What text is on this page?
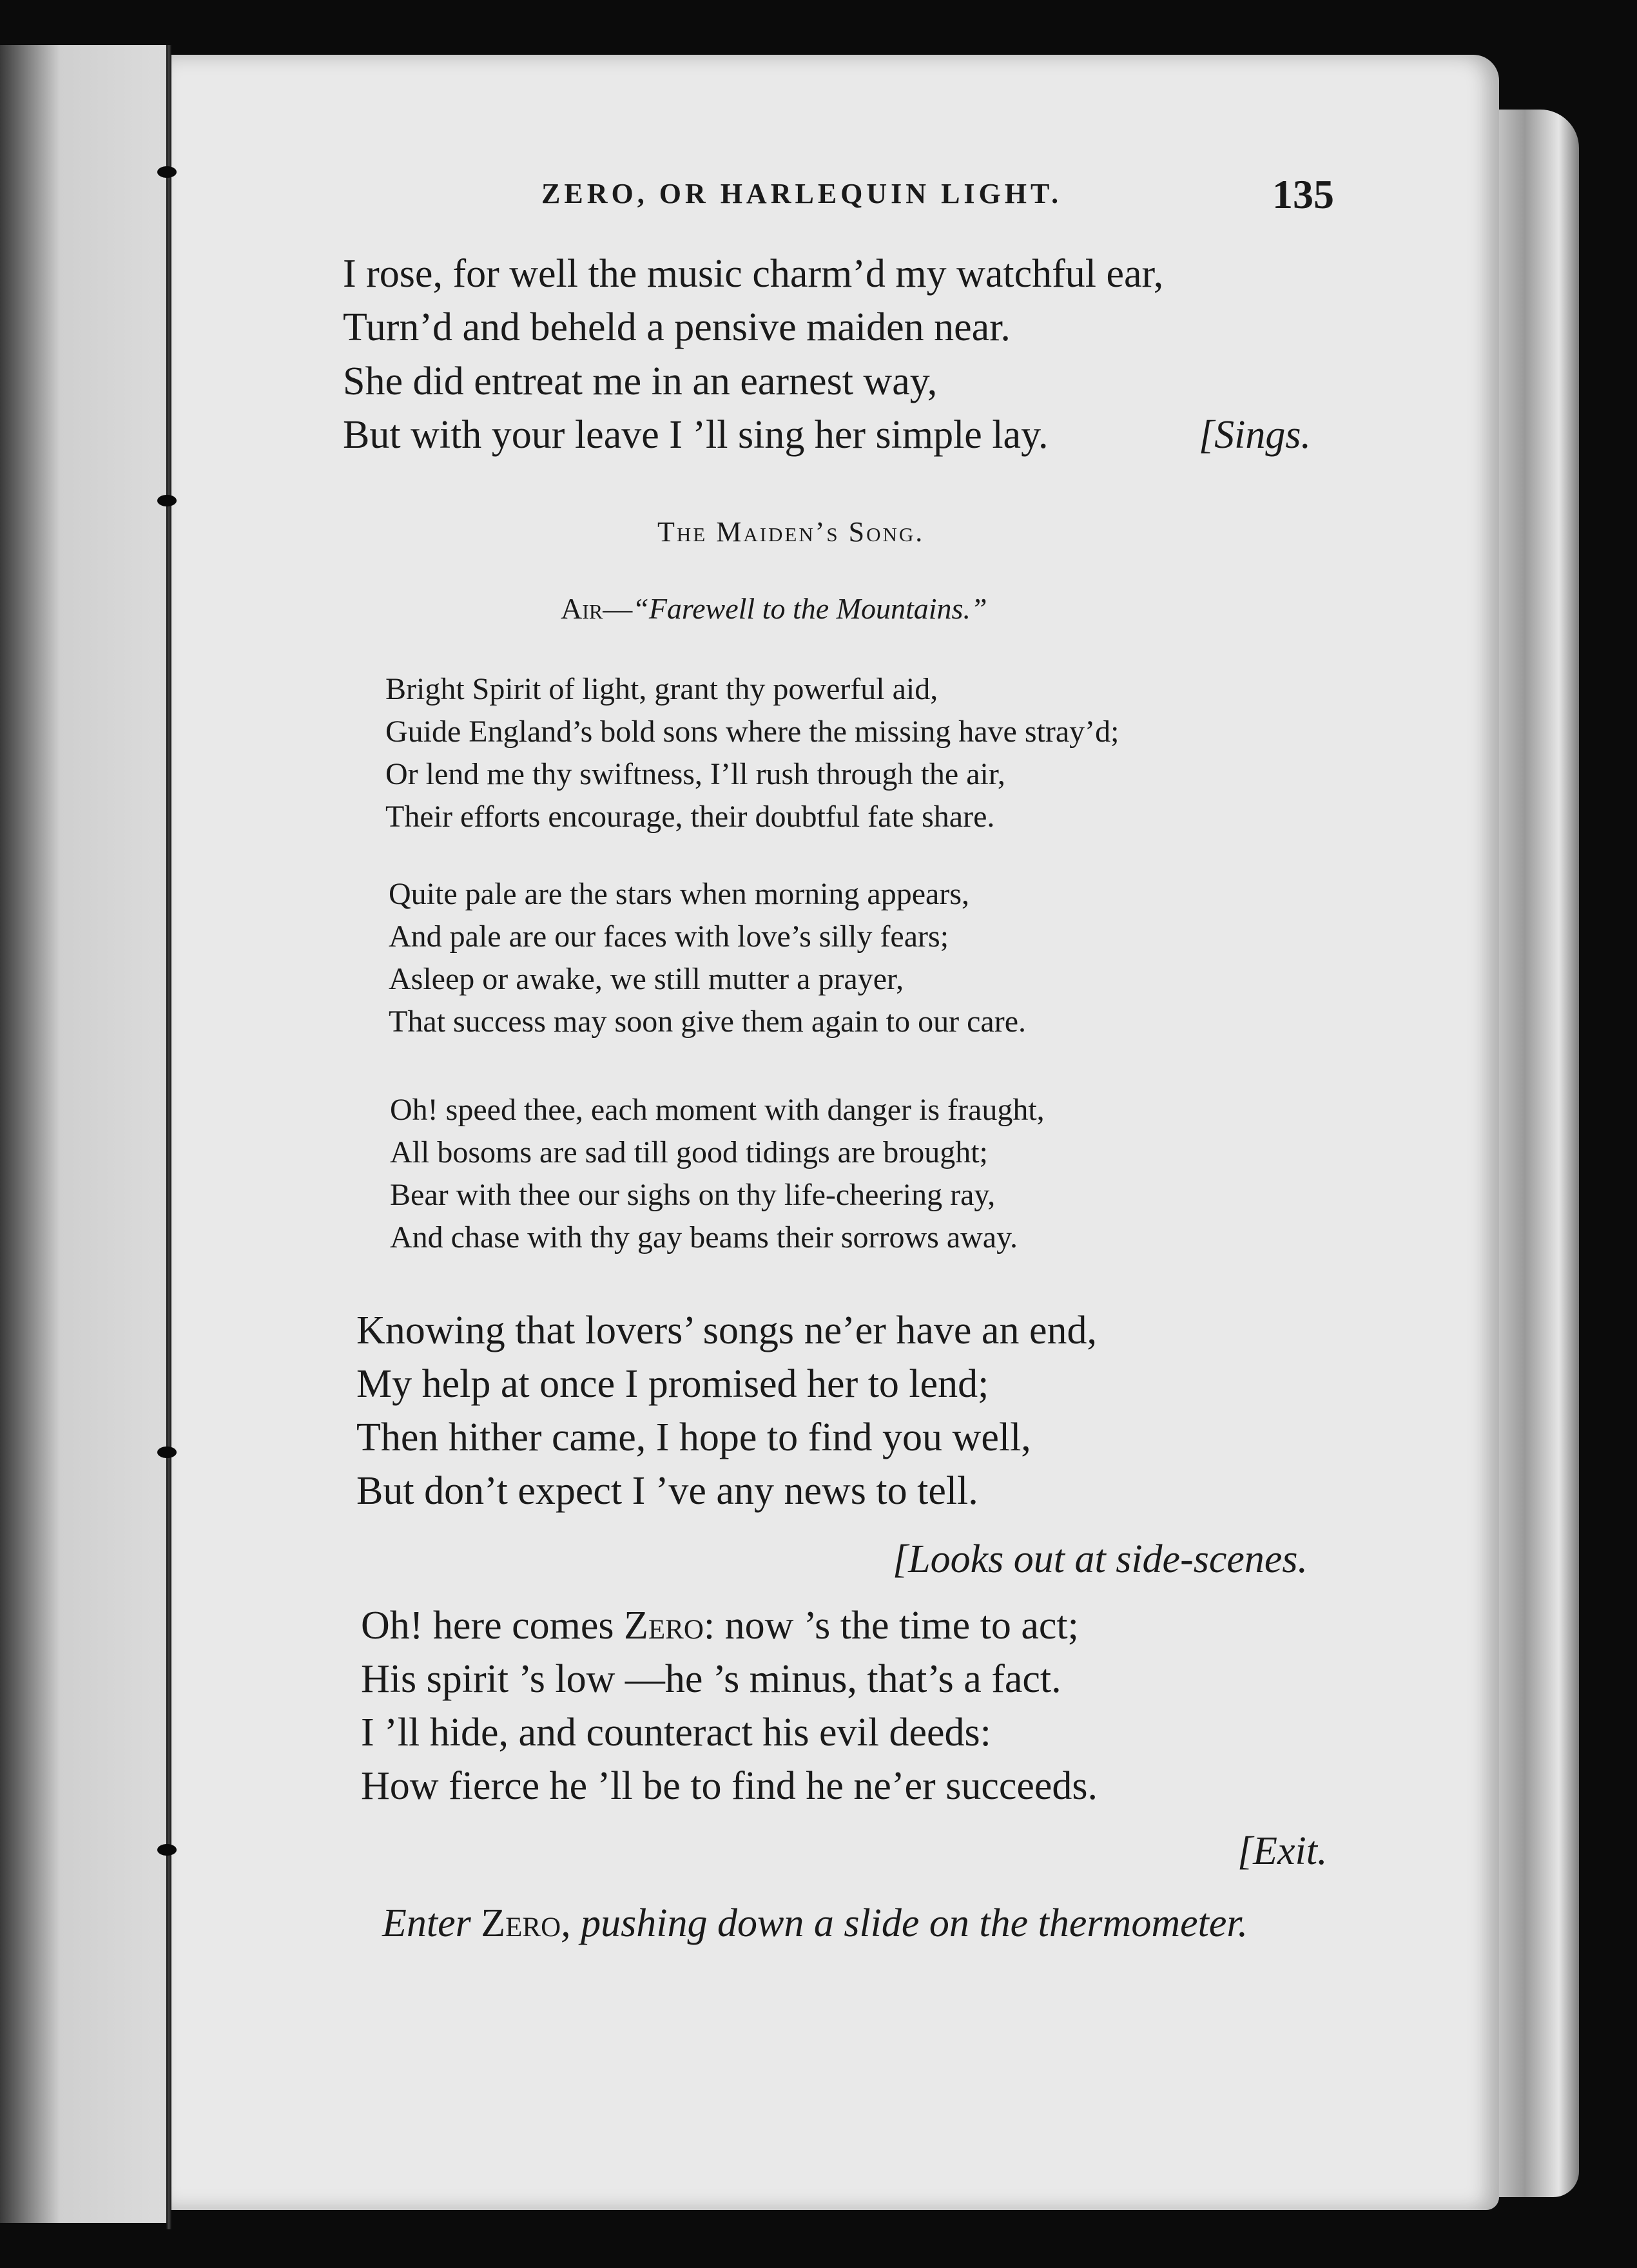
ZERO, OR HARLEQUIN LIGHT.	135
I rose, for well the music charm’d my watchful ear,
Turn’d and beheld a pensive maiden near.
She did entreat me in an earnest way,
But with your leave I ’ll sing her simple lay.	[Sings.
The Maiden’s Song.
Air—“Farewell to the Mountains.”
Bright Spirit of light, grant thy powerful aid,
Guide England’s bold sons where the missing have stray’d;
Or lend me thy swiftness, I’ll rush through the air,
Their efforts encourage, their doubtful fate share.
Quite pale are the stars when morning appears,
And pale are our faces with love’s silly fears;
Asleep or awake, we still mutter a prayer,
That success may soon give them again to our care.
Oh! speed thee, each moment with danger is fraught,
All bosoms are sad till good tidings are brought;
Bear with thee our sighs on thy life-cheering ray,
And chase with thy gay beams their sorrows away.
Knowing that lovers’ songs ne’er have an end,
My help at once I promised her to lend;
Then hither came, I hope to find you well,
But don’t expect I ’ve any news to tell.
[Looks out at side-scenes.
Oh! here comes Zero: now ’s the time to act;
His spirit ’s low —he ’s minus, that’s a fact.
I ’ll hide, and counteract his evil deeds:
How fierce he ’ll be to find he ne’er succeeds.
[Exit.
Enter Zero, pushing down a slide on the thermometer.
